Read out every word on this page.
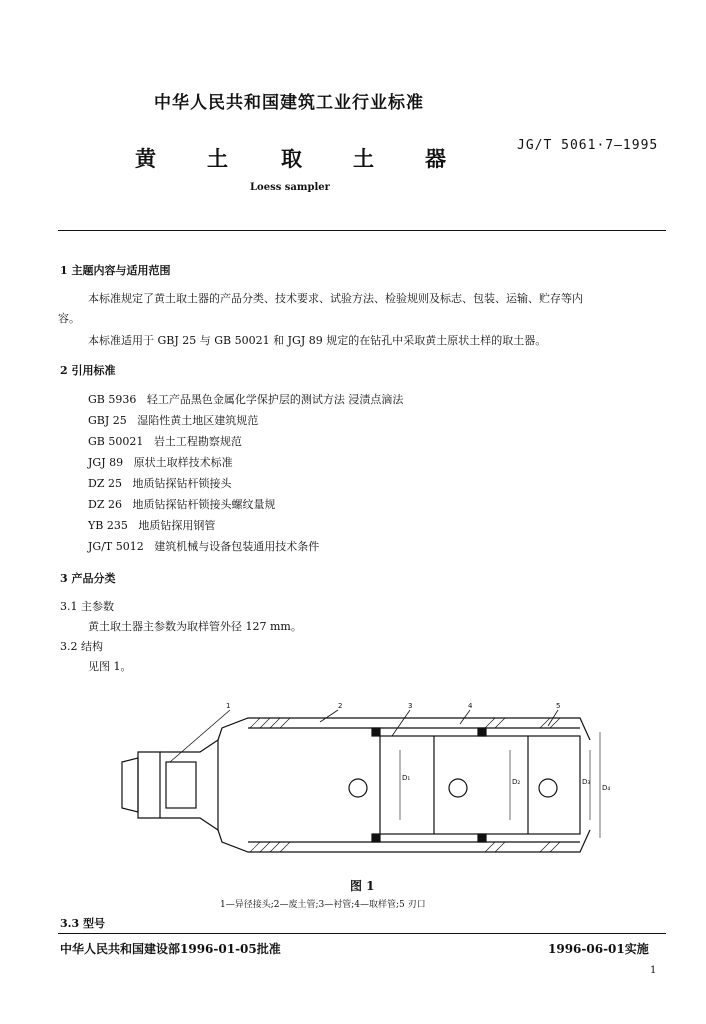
中华人民共和国建筑工业行业标准
黄 土	取 土 器
JG/T 5061·7—1995
Loess sampler
1 主题内容与适用范围
本标准规定了黄土取土器的产品分类、技术要求、试验方法、检验规则及标志、包装、运输、贮存等内
容。
本标准适用于 GBJ 25 与 GB 50021 和 JGJ 89 规定的在钻孔中采取黄土原状土样的取土器。
2 引用标准
GB 5936 轻工产品黑色金属化学保护层的测试方法 浸渍点滴法
GBJ 25 湿陷性黄土地区建筑规范
GB 50021 岩土工程勘察规范
JGJ 89 原状土取样技术标准
DZ 25 地质钻探钻杆锁接头
DZ 26 地质钻探钻杆锁接头螺纹量规
YB 235 地质钻探用钢管
JG/T 5012 建筑机械与设备包装通用技术条件
3 产品分类
3.1 主参数
黄土取土器主参数为取样管外径 127 mm。
3.2 结构
见图 1。
1	2	3	4	5
D₁	D₂	D₃
D₄
图 1
1—异径接头;2—废土管;3—衬管;4—取样管;5 刃口
3.3 型号
中华人民共和国建设部1996-01-05批准	1996-06-01实施
1
